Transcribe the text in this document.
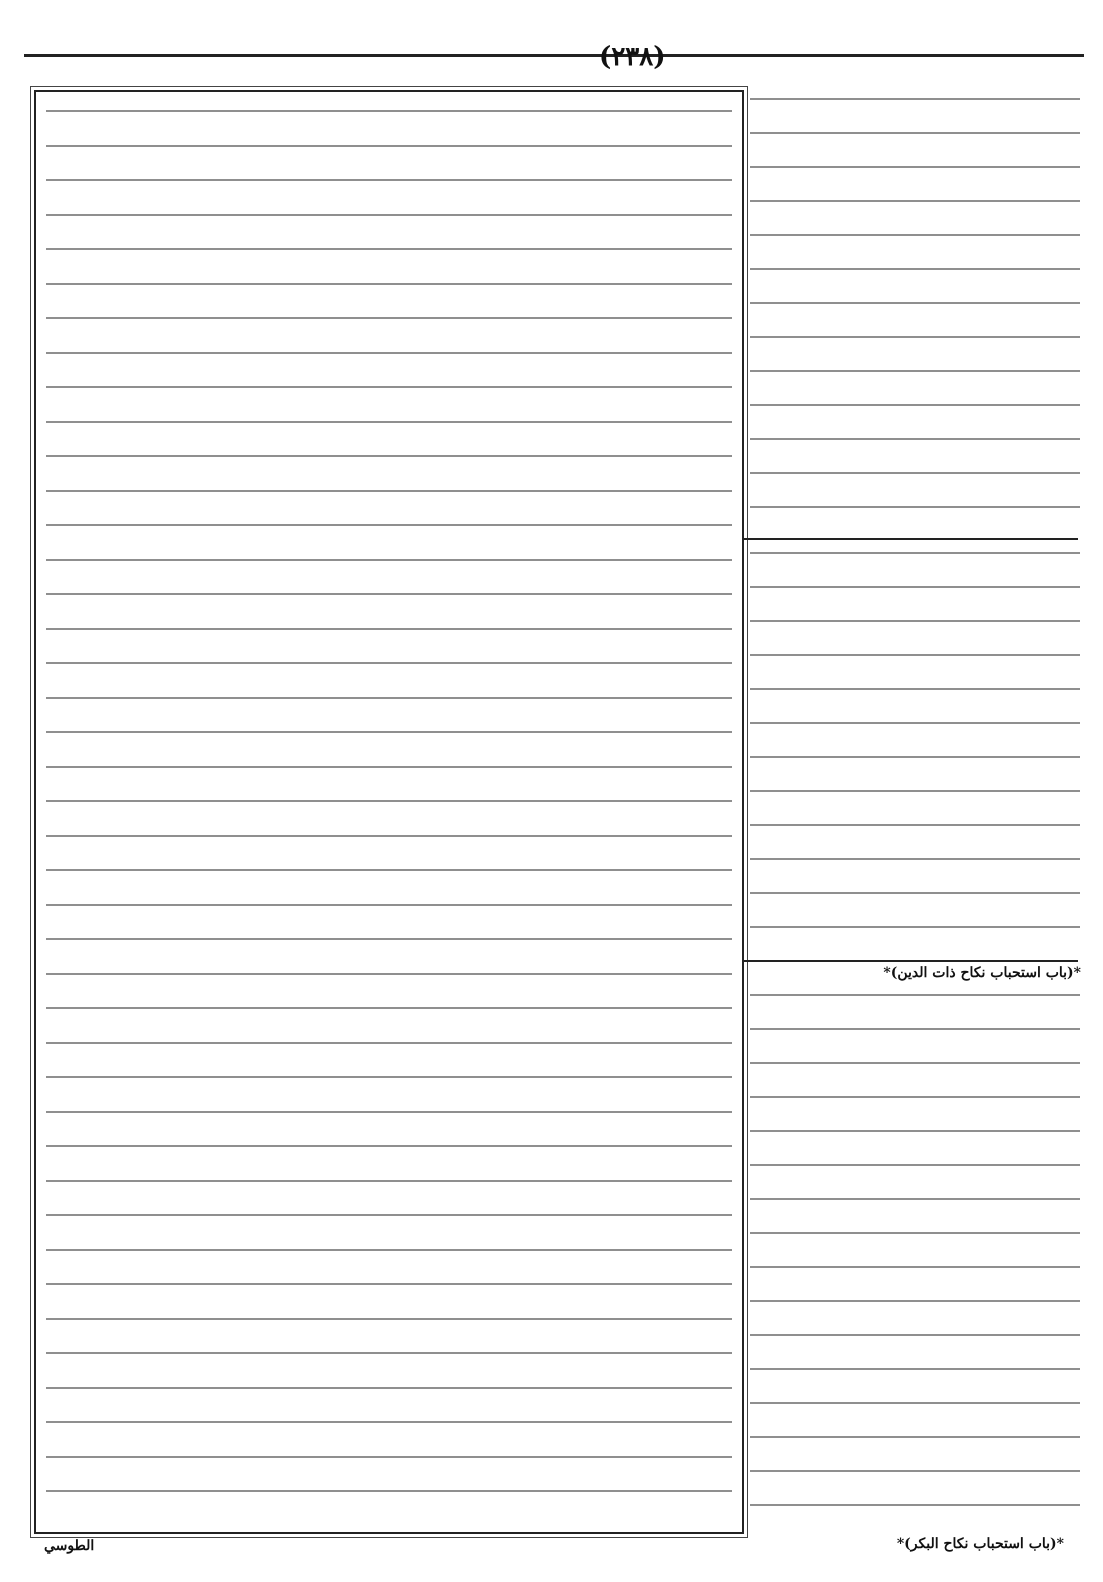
(٢٣٨)
*(باب استحباب نكاح ذات الدين)*
*(باب استحباب نكاح البكر)*
الطوسي
